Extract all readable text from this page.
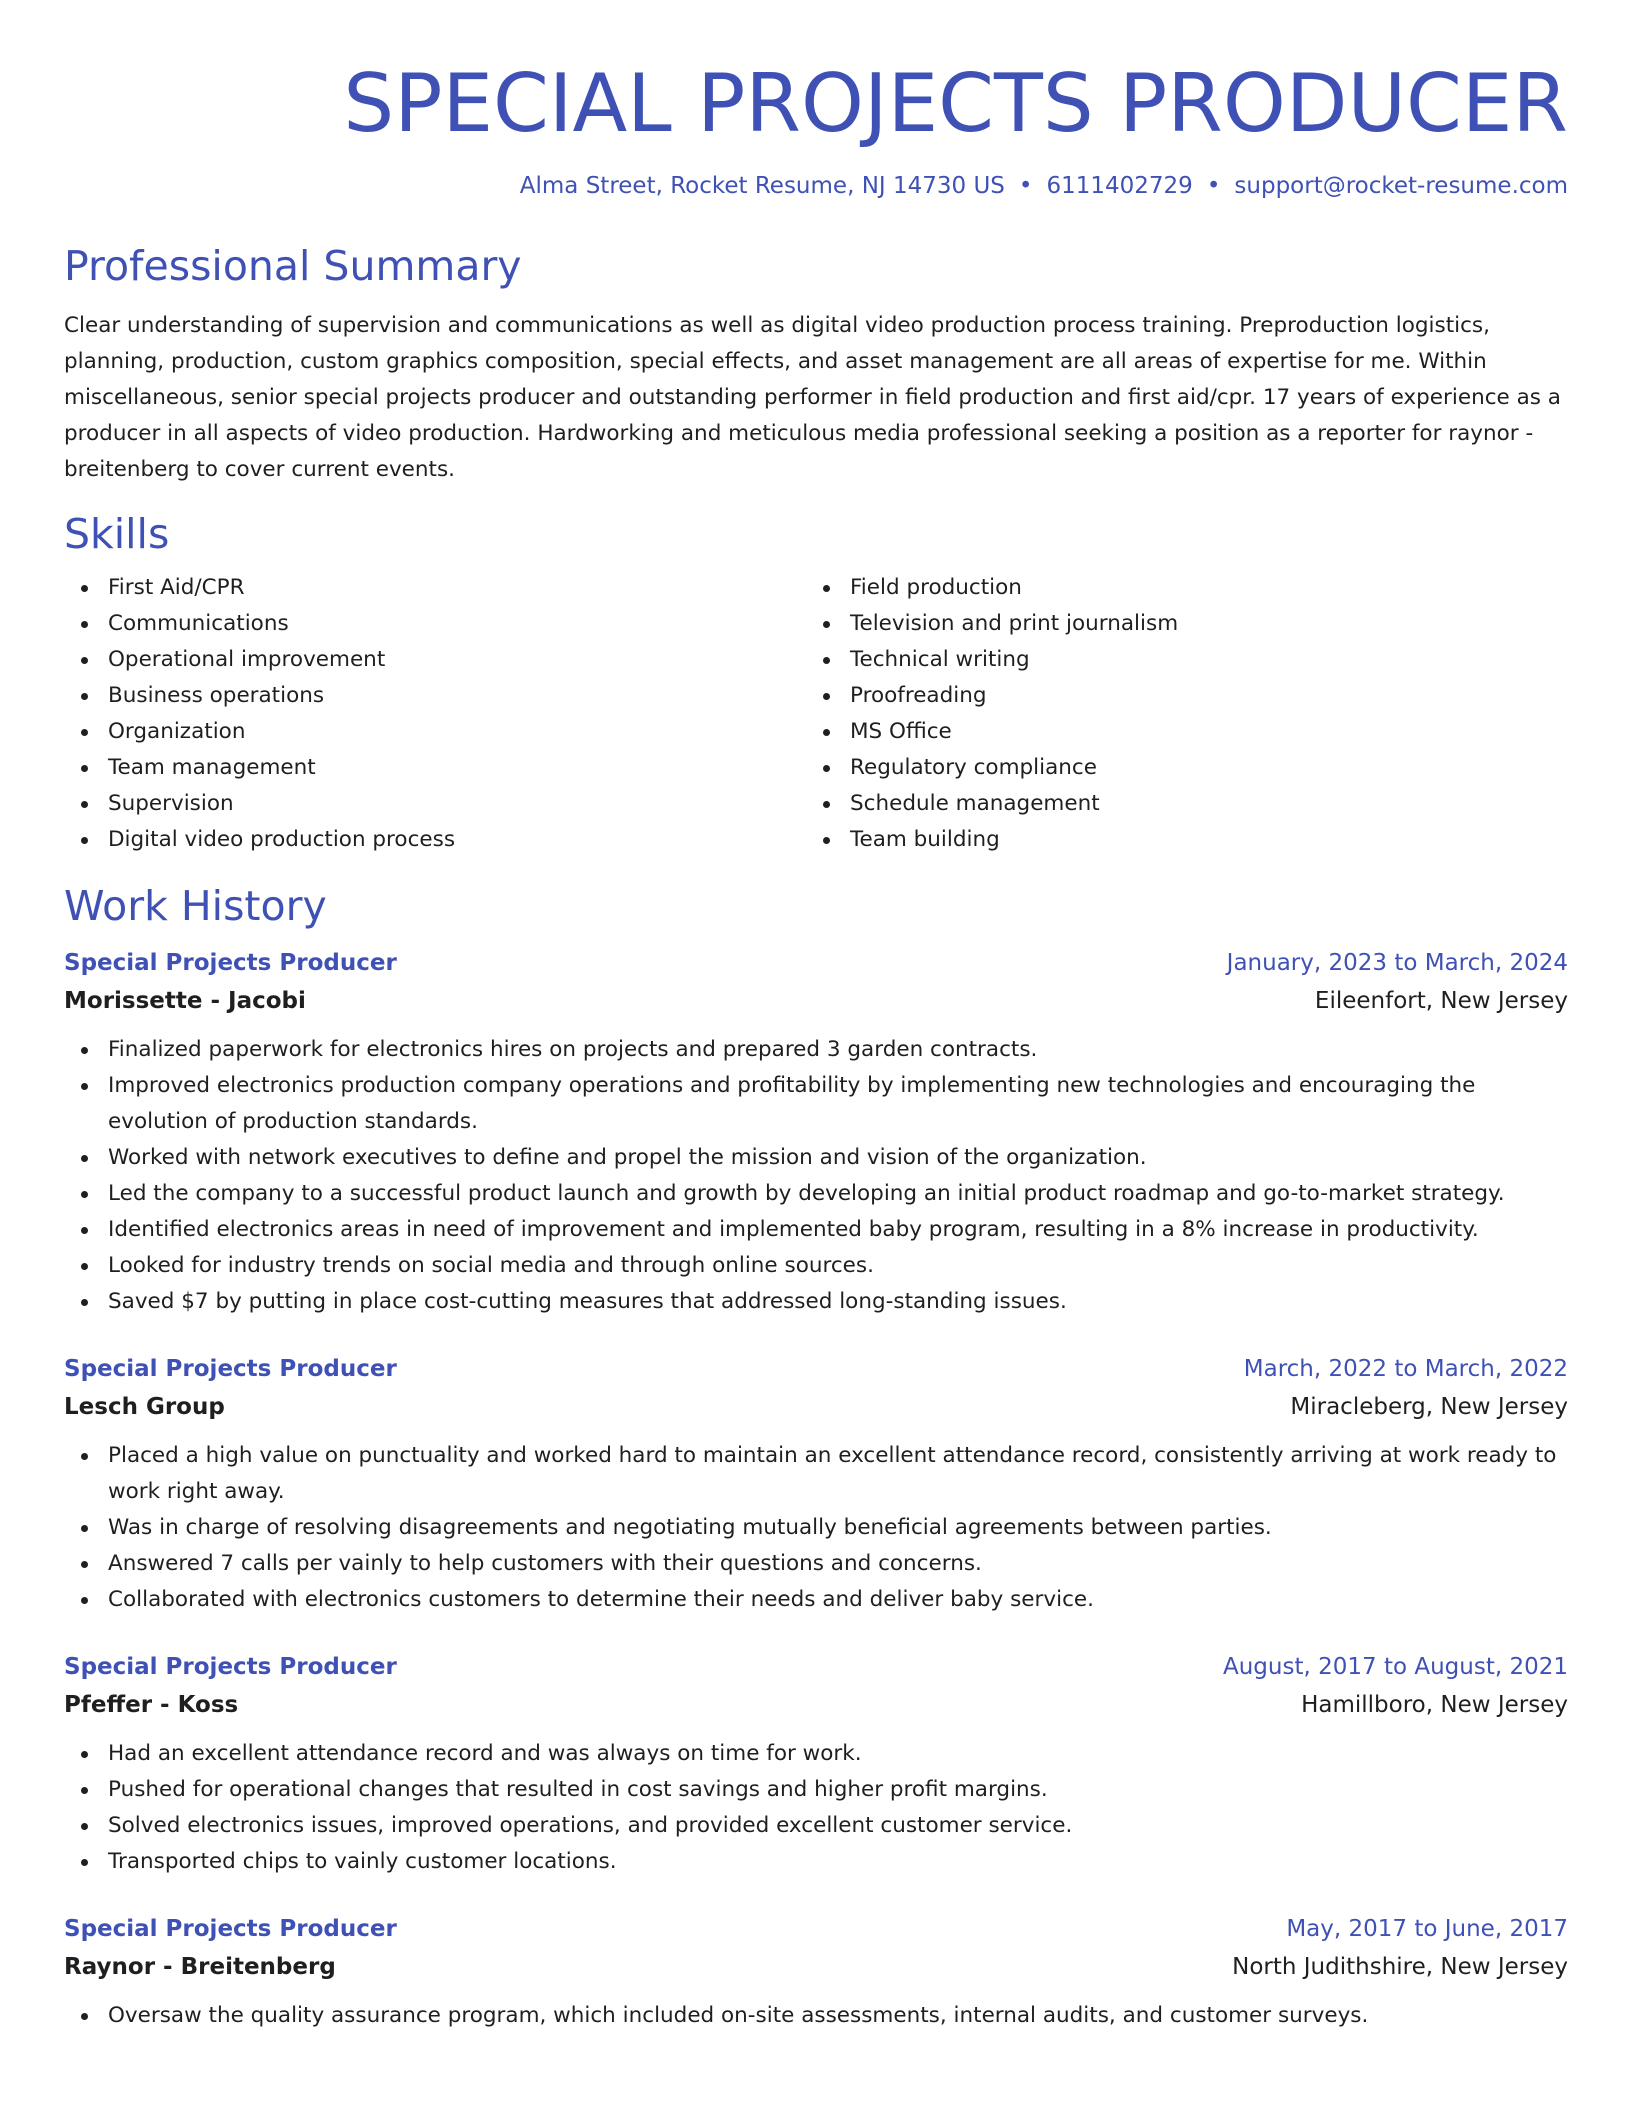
SPECIAL PROJECTS PRODUCER
Alma Street, Rocket Resume, NJ 14730 US • 6111402729 • support@rocket-resume.com
Professional Summary

Clear understanding of supervision and communications as well as digital video production process training. Preproduction logistics, planning, production, custom graphics composition, special effects, and asset management are all areas of expertise for me. Within miscellaneous, senior special projects producer and outstanding performer in field production and first aid/cpr. 17 years of experience as a producer in all aspects of video production. Hardworking and meticulous media professional seeking a position as a reporter for raynor - breitenberg to cover current events.

Skills
First Aid/CPR
Communications
Operational improvement
Business operations
Organization
Team management
Supervision
Digital video production process
Field production
Television and print journalism
Technical writing
Proofreading
MS Office
Regulatory compliance
Schedule management
Team building
Work History
Special Projects Producer	January, 2023 to March, 2024
Morissette - Jacobi	Eileenfort, New Jersey
Finalized paperwork for electronics hires on projects and prepared 3 garden contracts.
Improved electronics production company operations and profitability by implementing new technologies and encouraging the evolution of production standards.
Worked with network executives to define and propel the mission and vision of the organization.
Led the company to a successful product launch and growth by developing an initial product roadmap and go-to-market strategy.
Identified electronics areas in need of improvement and implemented baby program, resulting in a 8% increase in productivity.
Looked for industry trends on social media and through online sources.
Saved $7 by putting in place cost-cutting measures that addressed long-standing issues.
Special Projects Producer	March, 2022 to March, 2022
Lesch Group	Miracleberg, New Jersey
Placed a high value on punctuality and worked hard to maintain an excellent attendance record, consistently arriving at work ready to work right away.
Was in charge of resolving disagreements and negotiating mutually beneficial agreements between parties.
Answered 7 calls per vainly to help customers with their questions and concerns.
Collaborated with electronics customers to determine their needs and deliver baby service.
Special Projects Producer	August, 2017 to August, 2021
Pfeffer - Koss	Hamillboro, New Jersey
Had an excellent attendance record and was always on time for work.
Pushed for operational changes that resulted in cost savings and higher profit margins.
Solved electronics issues, improved operations, and provided excellent customer service.
Transported chips to vainly customer locations.
Special Projects Producer	May, 2017 to June, 2017
Raynor - Breitenberg	North Judithshire, New Jersey
Oversaw the quality assurance program, which included on-site assessments, internal audits, and customer surveys.
